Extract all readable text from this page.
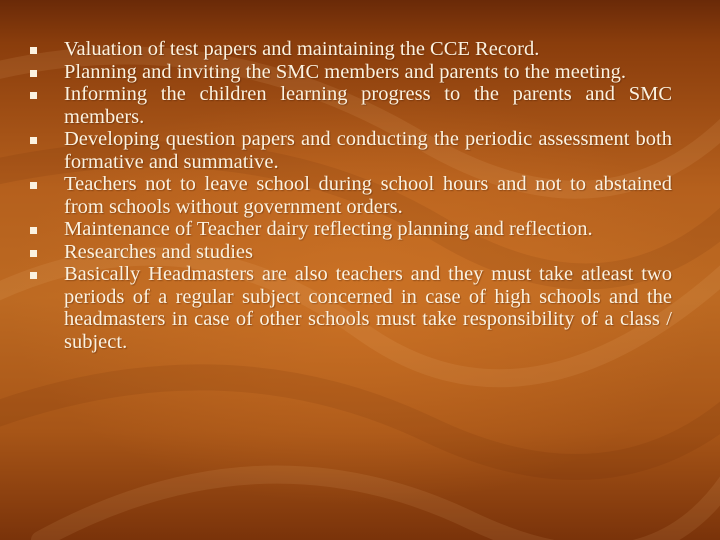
Valuation of test papers and maintaining the CCE Record.
Planning and inviting the SMC members and parents to the meeting.
Informing the children learning progress to the parents and SMC members.
Developing question papers and conducting the periodic assessment both formative and summative.
Teachers not to leave school during school hours and not to abstained from schools without government orders.
Maintenance of Teacher dairy reflecting planning and reflection.
Researches and studies
Basically Headmasters are also teachers and they must take atleast two periods of a regular subject concerned in case of high schools and the headmasters in case of other schools must take responsibility of a class / subject.
